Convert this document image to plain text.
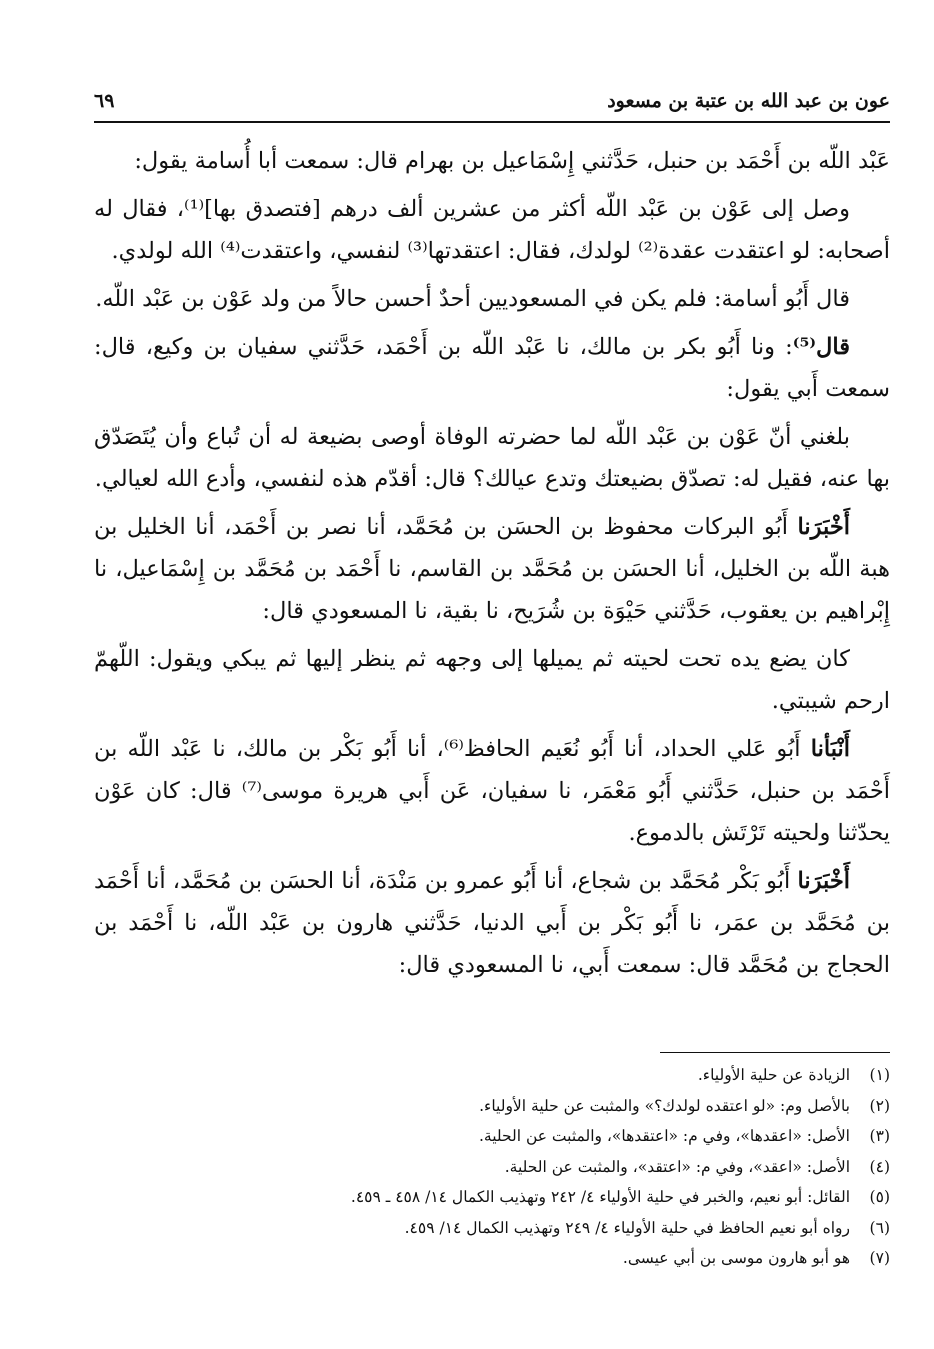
عون بن عبد الله بن عتبة بن مسعود
٦٩

عَبْد اللّه بن أَحْمَد بن حنبل، حَدَّثني إِسْمَاعيل بن بهرام قال: سمعت أبا أُسامة يقول:

وصل إلى عَوْن بن عَبْد اللّه أكثر من عشرين ألف درهم [فتصدق بها]⁽¹⁾، فقال له أصحابه: لو اعتقدت عقدة⁽²⁾ لولدك، فقال: اعتقدتها⁽³⁾ لنفسي، واعتقدت⁽⁴⁾ الله لولدي.

قال أَبُو أسامة: فلم يكن في المسعوديين أحدٌ أحسن حالاً من ولد عَوْن بن عَبْد اللّه.

قال⁽⁵⁾: ونا أَبُو بكر بن مالك، نا عَبْد اللّه بن أَحْمَد، حَدَّثني سفيان بن وكيع، قال: سمعت أَبي يقول:

بلغني أنّ عَوْن بن عَبْد اللّه لما حضرته الوفاة أوصى بضيعة له أن تُباع وأن يُتَصَدّق بها عنه، فقيل له: تصدّق بضيعتك وتدع عيالك؟ قال: أقدّم هذه لنفسي، وأدع الله لعيالي.

أَخْبَرَنا أَبُو البركات محفوظ بن الحسَن بن مُحَمَّد، أنا نصر بن أَحْمَد، أنا الخليل بن هبة اللّه بن الخليل، أنا الحسَن بن مُحَمَّد بن القاسم، نا أَحْمَد بن مُحَمَّد بن إِسْمَاعيل، نا إِبْراهيم بن يعقوب، حَدَّثني حَيْوَة بن شُرَيح، نا بقية، نا المسعودي قال:

كان يضع يده تحت لحيته ثم يميلها إلى وجهه ثم ينظر إليها ثم يبكي ويقول: اللّهمّ ارحم شيبتي.

أَنْبَأنا أَبُو عَلي الحداد، أنا أَبُو نُعَيم الحافظ⁽⁶⁾، أنا أَبُو بَكْر بن مالك، نا عَبْد اللّه بن أَحْمَد بن حنبل، حَدَّثني أَبُو مَعْمَر، نا سفيان، عَن أَبي هريرة موسى⁽⁷⁾ قال: كان عَوْن يحدّثنا ولحيته تَرْتَش بالدموع.

أَخْبَرَنا أَبُو بَكْر مُحَمَّد بن شجاع، أنا أَبُو عمرو بن مَنْدَة، أنا الحسَن بن مُحَمَّد، أنا أَحْمَد بن مُحَمَّد بن عمَر، نا أَبُو بَكْر بن أَبي الدنيا، حَدَّثني هارون بن عَبْد اللّه، نا أَحْمَد بن الحجاج بن مُحَمَّد قال: سمعت أَبي، نا المسعودي قال:

(١)
الزيادة عن حلية الأولياء.
(٢)
بالأصل وم: «لو اعتقده لولدك؟» والمثبت عن حلية الأولياء.
(٣)
الأصل: «اعقدها»، وفي م: «اعتقدها»، والمثبت عن الحلية.
(٤)
الأصل: «اعقد»، وفي م: «اعتقد»، والمثبت عن الحلية.
(٥)
القائل: أبو نعيم، والخبر في حلية الأولياء ٤/ ٢٤٢ وتهذيب الكمال ١٤/ ٤٥٨ ـ ٤٥٩.
(٦)
رواه أبو نعيم الحافظ في حلية الأولياء ٤/ ٢٤٩ وتهذيب الكمال ١٤/ ٤٥٩.
(٧)
هو أبو هارون موسى بن أبي عيسى.
